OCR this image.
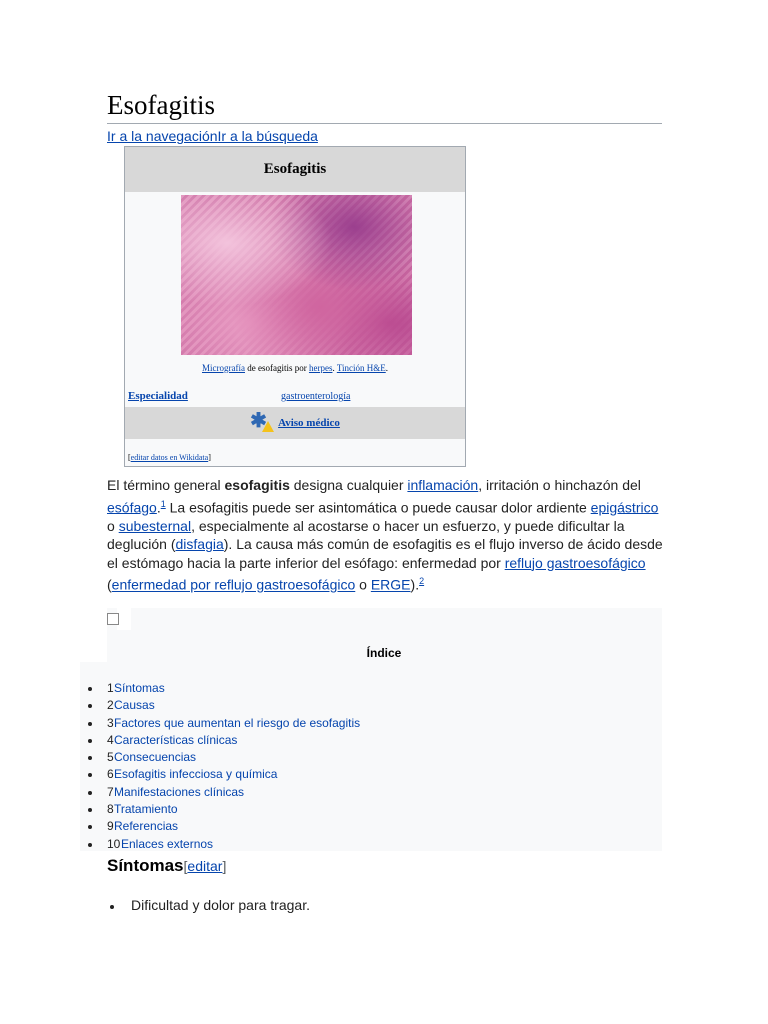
Esofagitis
Ir a la navegaciónIr a la búsqueda
Esofagitis
Micrografía de esofagitis por herpes. Tinción H&E.
Especialidad	gastroenterología
✱ Aviso médico
[editar datos en Wikidata]
El término general esofagitis designa cualquier inflamación, irritación o hinchazón del esófago.$^1$ La esofagitis puede ser asintomática o puede causar dolor ardiente epigástrico o subesternal, especialmente al acostarse o hacer un esfuerzo, y puede dificultar la deglución (disfagia). La causa más común de esofagitis es el flujo inverso de ácido desde el estómago hacia la parte inferior del esófago: enfermedad por reflujo gastroesofágico (enfermedad por reflujo gastroesofágico o ERGE).$^2$
Índice
1 Síntomas
2 Causas
3 Factores que aumentan el riesgo de esofagitis
4 Características clínicas
5 Consecuencias
6 Esofagitis infecciosa y química
7 Manifestaciones clínicas
8 Tratamiento
9 Referencias
10 Enlaces externos
Síntomas[editar]
Dificultad y dolor para tragar.
